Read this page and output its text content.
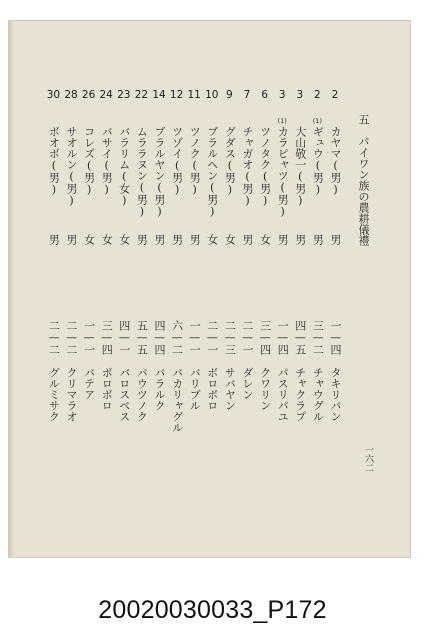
五　パイワン族の農耕儀禮
2
カヤマ(男)
男
一—四
タキリバン
2
(1)
ギュウ(男)
男
三—二
チャウグル
3
大山敬一(男)
男
四—五
チャクラプ
3
(1)
カラピャツ(男)
男
一—四
パスリパユ
6
ツノタク(男)
女
三—四
クワリン
7
チャガオ(男)
男
二—一
ダレン
9
グダス(男)
女
二—三
サバヤン
10
ブラルヘン(男)
女
二—一
ボロボロ
11
ツノク(男)
男
一—一
バリブル
12
ツゾイ(男)
男
六—二
バカリャグル
14
ブラルヤン(男)
男
四—四
バラルク
22
ムララヌン(男)
男
五—五
バウツノク
23
バラリム(女)
女
四—一
バロスベス
24
バサイ(男)
女
三—四
ボロボロ
26
コレズ(男)
女
一—一
バテア
28
サオルン(男)
男
二—二
クリマラオ
30
ボオボ(男)
男
二—二
グルミサク
一六二
20020030033_P172
